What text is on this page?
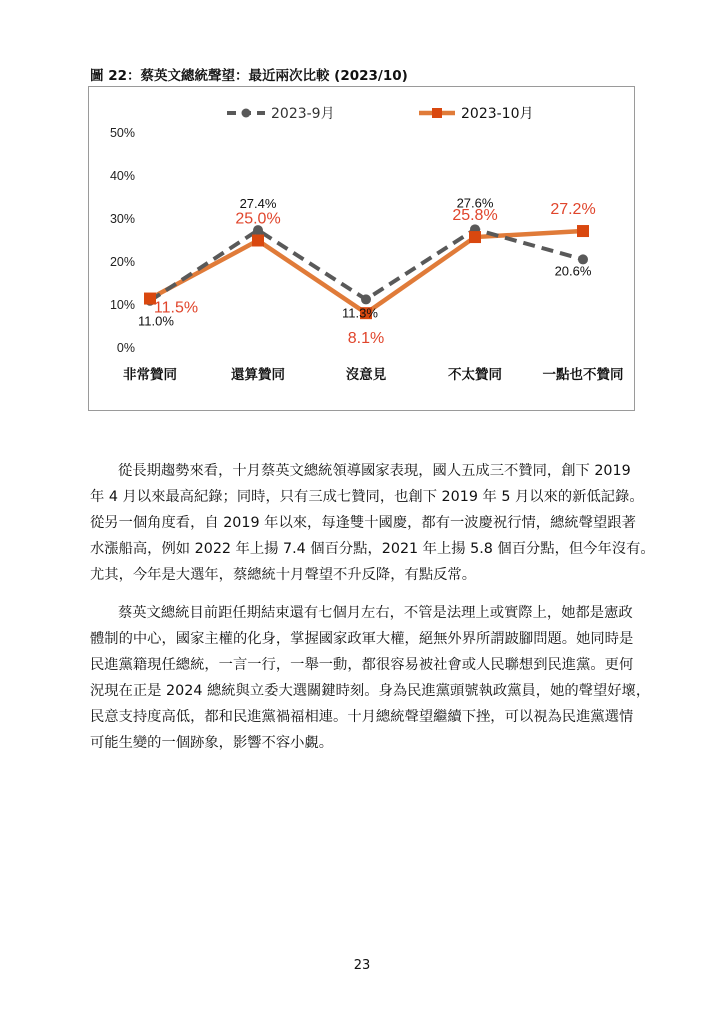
圖 22：蔡英文總統聲望：最近兩次比較 (2023/10)
0%
10%
20%
30%
40%
50%
非常贊同	還算贊同	沒意見	不太贊同	一點也不贊同
2023-9月	2023-10月
11.0%
27.4%
11.3%
27.6%
20.6%
11.5%
25.0%
8.1%
25.8%	27.2%
從長期趨勢來看，十月蔡英文總統領導國家表現，國人五成三不贊同，創下 2019
年 4 月以來最高紀錄；同時，只有三成七贊同，也創下 2019 年 5 月以來的新低記錄。
從另一個角度看，自 2019 年以來，每逢雙十國慶，都有一波慶祝行情，總統聲望跟著
水漲船高，例如 2022 年上揚 7.4 個百分點，2021 年上揚 5.8 個百分點，但今年沒有。
尤其，今年是大選年，蔡總統十月聲望不升反降，有點反常。
蔡英文總統目前距任期結束還有七個月左右，不管是法理上或實際上，她都是憲政
體制的中心，國家主權的化身，掌握國家政軍大權，絕無外界所謂跛腳問題。她同時是
民進黨籍現任總統，一言一行，一舉一動，都很容易被社會或人民聯想到民進黨。更何
況現在正是 2024 總統與立委大選關鍵時刻。身為民進黨頭號執政黨員，她的聲望好壞，
民意支持度高低，都和民進黨禍福相連。十月總統聲望繼續下挫，可以視為民進黨選情
可能生變的一個跡象，影響不容小覷。
23
